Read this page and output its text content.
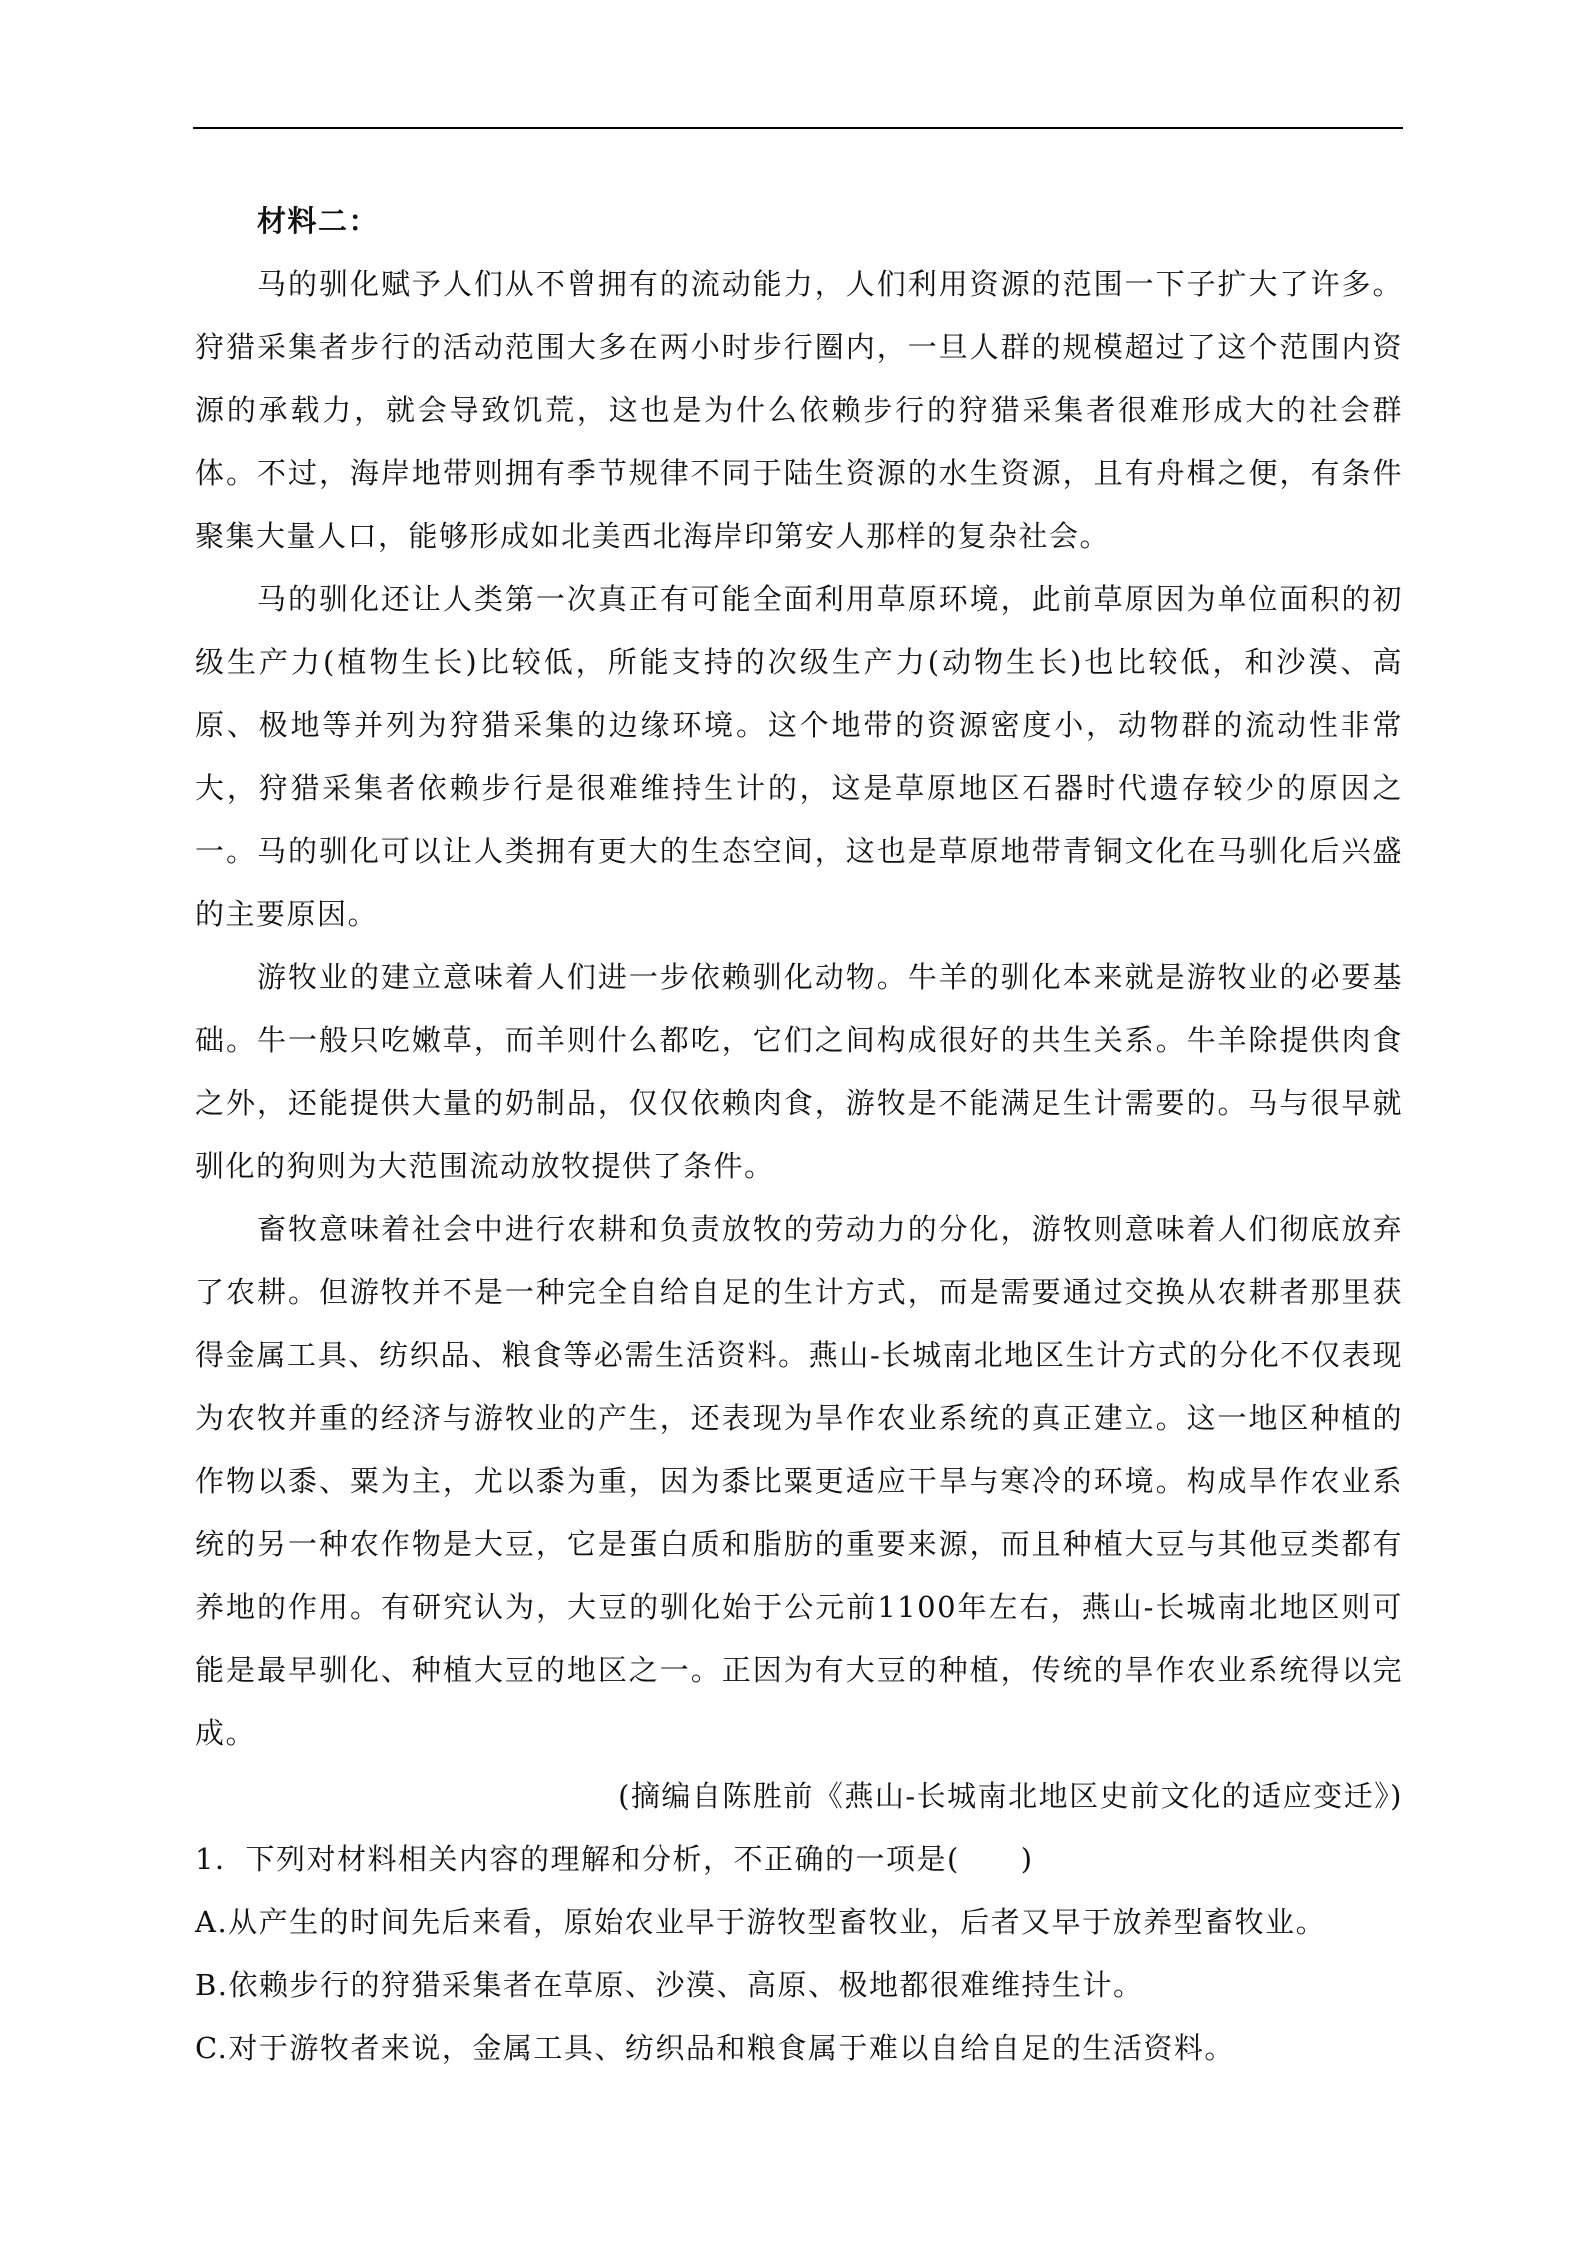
材料二：

马的驯化赋予人们从不曾拥有的流动能力，人们利用资源的范围一下子扩大了许多。狩猎采集者步行的活动范围大多在两小时步行圈内，一旦人群的规模超过了这个范围内资源的承载力，就会导致饥荒，这也是为什么依赖步行的狩猎采集者很难形成大的社会群体。不过，海岸地带则拥有季节规律不同于陆生资源的水生资源，且有舟楫之便，有条件聚集大量人口，能够形成如北美西北海岸印第安人那样的复杂社会。

马的驯化还让人类第一次真正有可能全面利用草原环境，此前草原因为单位面积的初级生产力(植物生长)比较低，所能支持的次级生产力(动物生长)也比较低，和沙漠、高原、极地等并列为狩猎采集的边缘环境。这个地带的资源密度小，动物群的流动性非常大，狩猎采集者依赖步行是很难维持生计的，这是草原地区石器时代遗存较少的原因之一。马的驯化可以让人类拥有更大的生态空间，这也是草原地带青铜文化在马驯化后兴盛的主要原因。

游牧业的建立意味着人们进一步依赖驯化动物。牛羊的驯化本来就是游牧业的必要基础。牛一般只吃嫩草，而羊则什么都吃，它们之间构成很好的共生关系。牛羊除提供肉食之外，还能提供大量的奶制品，仅仅依赖肉食，游牧是不能满足生计需要的。马与很早就驯化的狗则为大范围流动放牧提供了条件。

畜牧意味着社会中进行农耕和负责放牧的劳动力的分化，游牧则意味着人们彻底放弃了农耕。但游牧并不是一种完全自给自足的生计方式，而是需要通过交换从农耕者那里获得金属工具、纺织品、粮食等必需生活资料。燕山-长城南北地区生计方式的分化不仅表现为农牧并重的经济与游牧业的产生，还表现为旱作农业系统的真正建立。这一地区种植的作物以黍、粟为主，尤以黍为重，因为黍比粟更适应干旱与寒冷的环境。构成旱作农业系统的另一种农作物是大豆，它是蛋白质和脂肪的重要来源，而且种植大豆与其他豆类都有养地的作用。有研究认为，大豆的驯化始于公元前1100年左右，燕山-长城南北地区则可能是最早驯化、种植大豆的地区之一。正因为有大豆的种植，传统的旱作农业系统得以完成。

(摘编自陈胜前《燕山-长城南北地区史前文化的适应变迁》)

1．下列对材料相关内容的理解和分析，不正确的一项是(　　)

A.从产生的时间先后来看，原始农业早于游牧型畜牧业，后者又早于放养型畜牧业。

B.依赖步行的狩猎采集者在草原、沙漠、高原、极地都很难维持生计。

C.对于游牧者来说，金属工具、纺织品和粮食属于难以自给自足的生活资料。
